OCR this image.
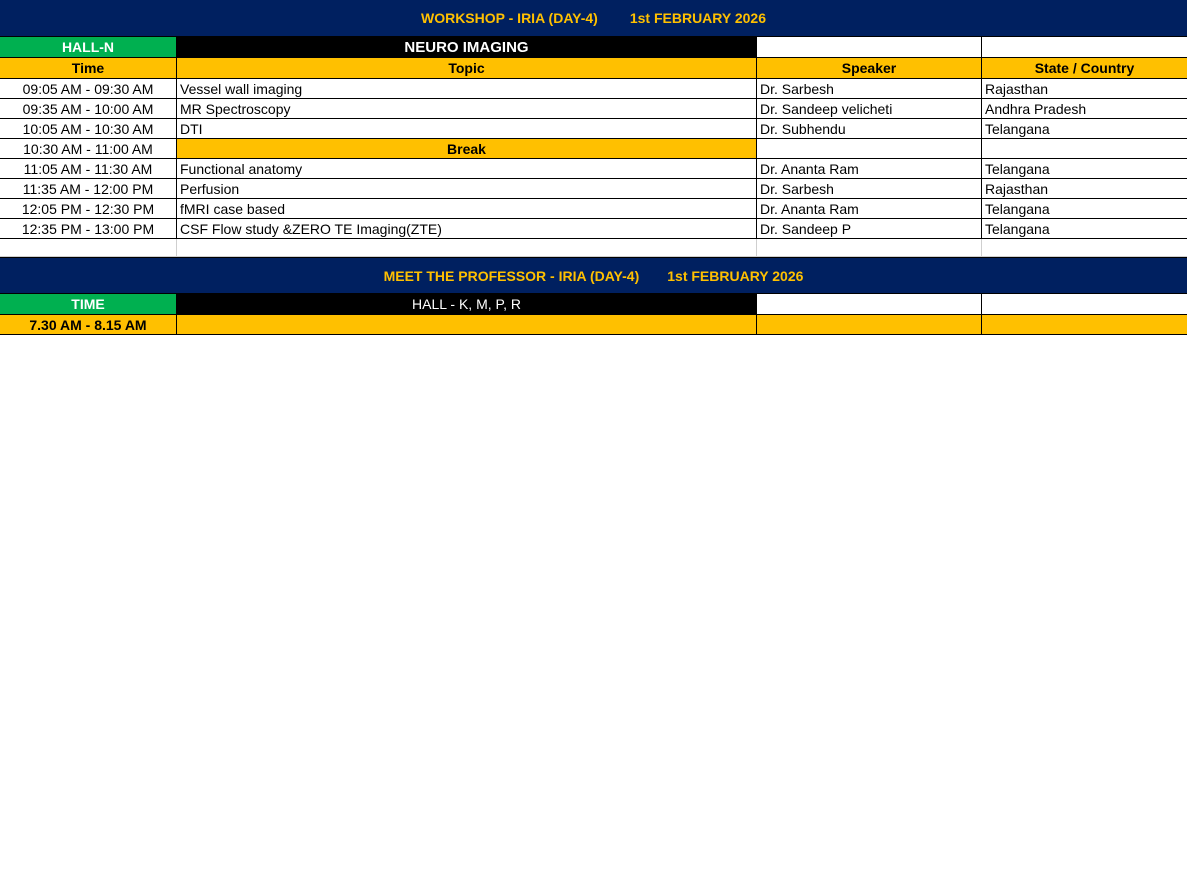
WORKSHOP - IRIA (DAY-4) 1st FEBRUARY 2026
HALL-N	NEURO IMAGING
Time	Topic	Speaker	State / Country
09:05 AM - 09:30 AM	Vessel wall imaging	Dr. Sarbesh	Rajasthan
09:35 AM - 10:00 AM	MR Spectroscopy	Dr. Sandeep velicheti	Andhra Pradesh
10:05 AM - 10:30 AM	DTI	Dr. Subhendu	Telangana
10:30 AM - 11:00 AM	Break
11:05 AM - 11:30 AM	Functional anatomy	Dr. Ananta Ram	Telangana
11:35 AM - 12:00 PM	Perfusion	Dr. Sarbesh	Rajasthan
12:05 PM - 12:30 PM	fMRI case based	Dr. Ananta Ram	Telangana
12:35 PM - 13:00 PM	CSF Flow study &ZERO TE Imaging(ZTE)	Dr. Sandeep P	Telangana
MEET THE PROFESSOR - IRIA (DAY-4) 1st FEBRUARY 2026
TIME	HALL - K, M, P, R
7.30 AM - 8.15 AM
